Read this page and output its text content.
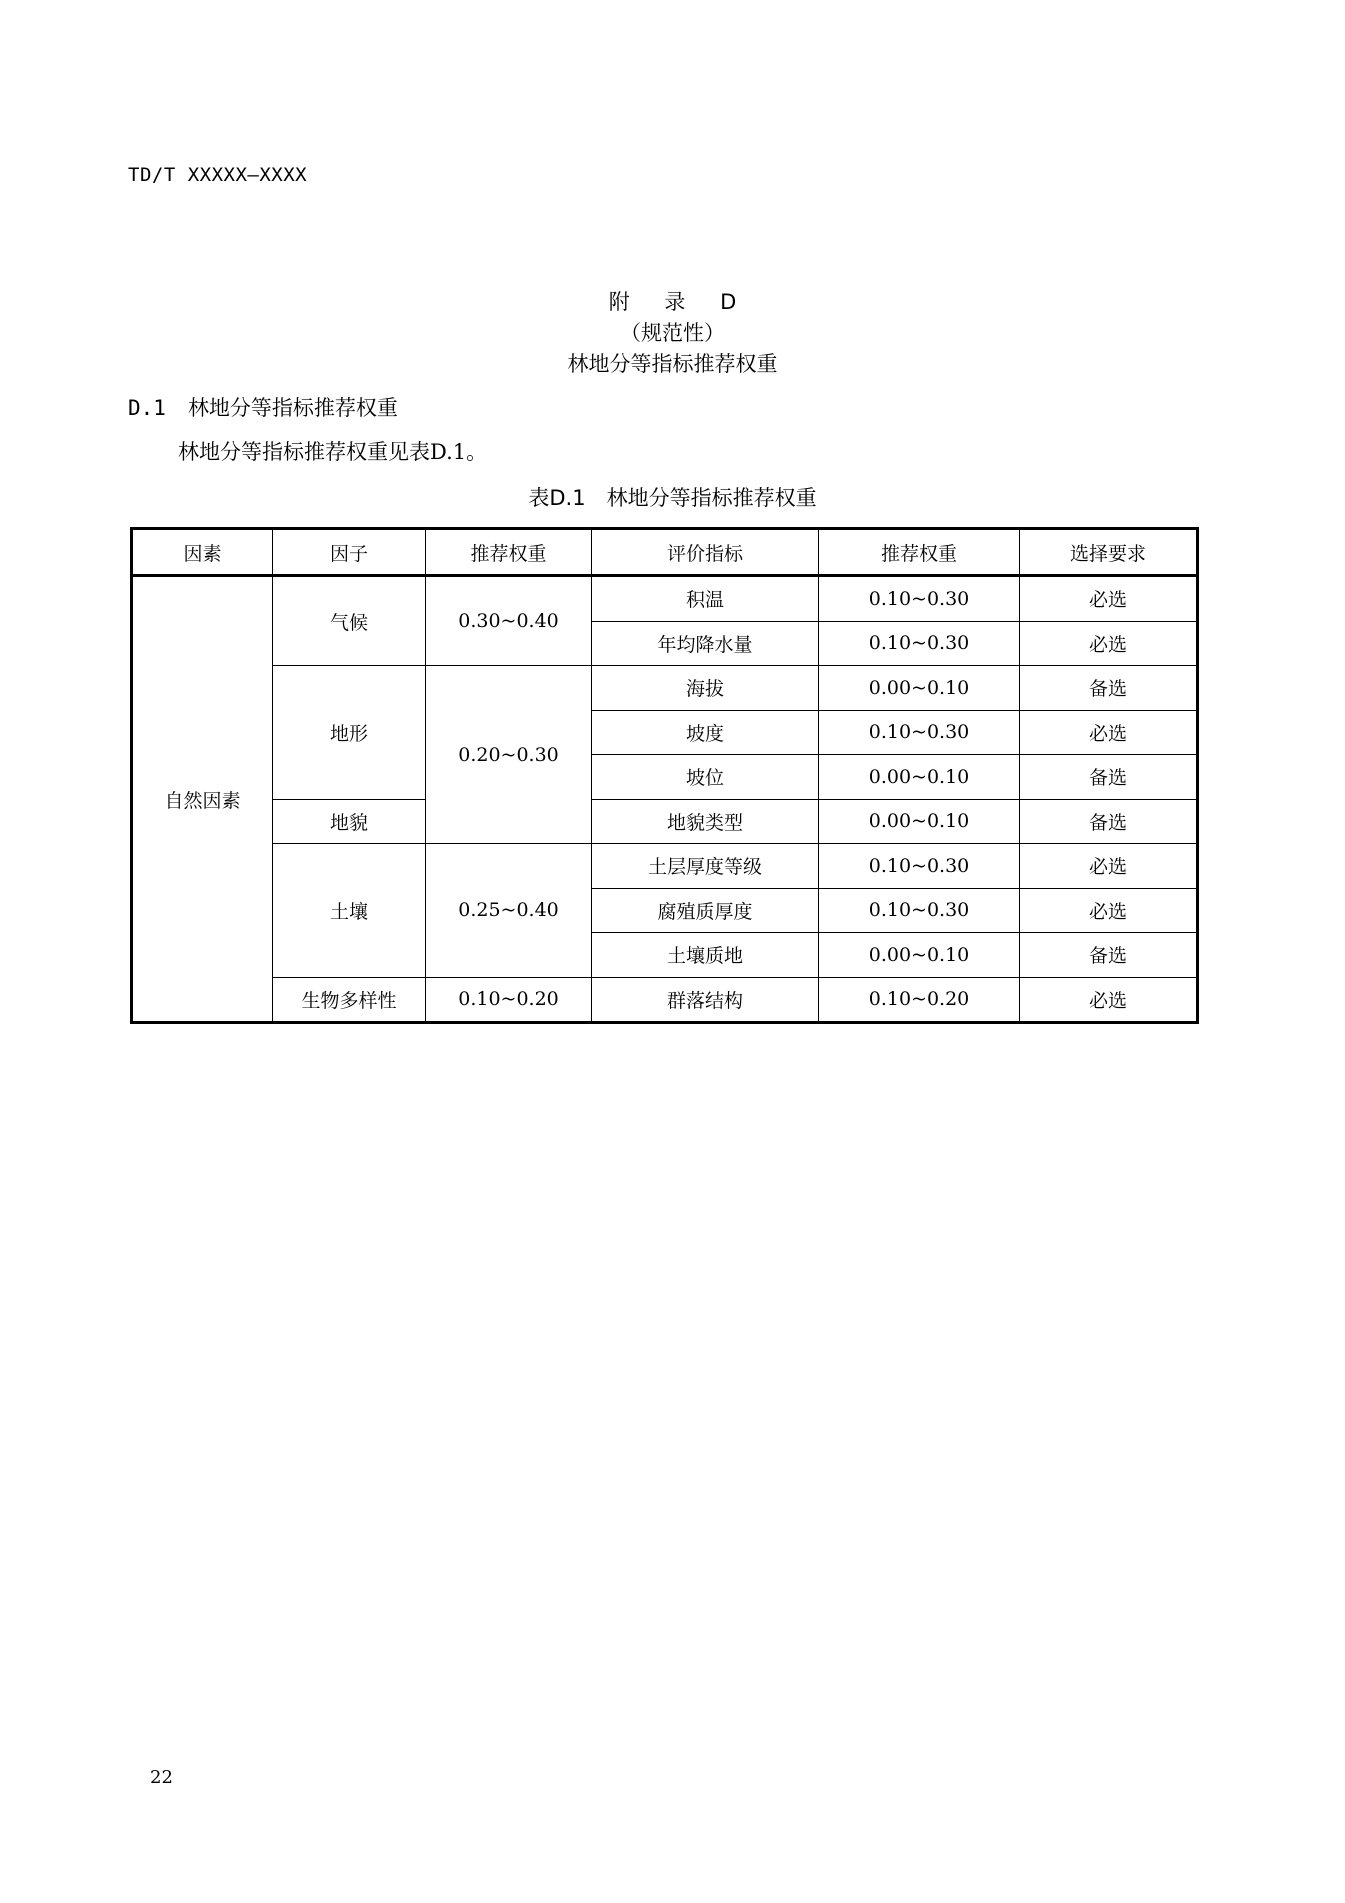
TD/T XXXXX—XXXX
附 录 D
（规范性）
林地分等指标推荐权重
D.1 林地分等指标推荐权重
林地分等指标推荐权重见表D.1。
表D.1　林地分等指标推荐权重
因素	因子	推荐权重	评价指标	推荐权重	选择要求
自然因素	气候	0.30~0.40	积温	0.10~0.30	必选
			年均降水量	0.10~0.30	必选
	地形	0.20~0.30	海拔	0.00~0.10	备选
			坡度	0.10~0.30	必选
			坡位	0.00~0.10	备选
	地貌		地貌类型	0.00~0.10	备选
	土壤	0.25~0.40	土层厚度等级	0.10~0.30	必选
			腐殖质厚度	0.10~0.30	必选
			土壤质地	0.00~0.10	备选
	生物多样性	0.10~0.20	群落结构	0.10~0.20	必选
22
